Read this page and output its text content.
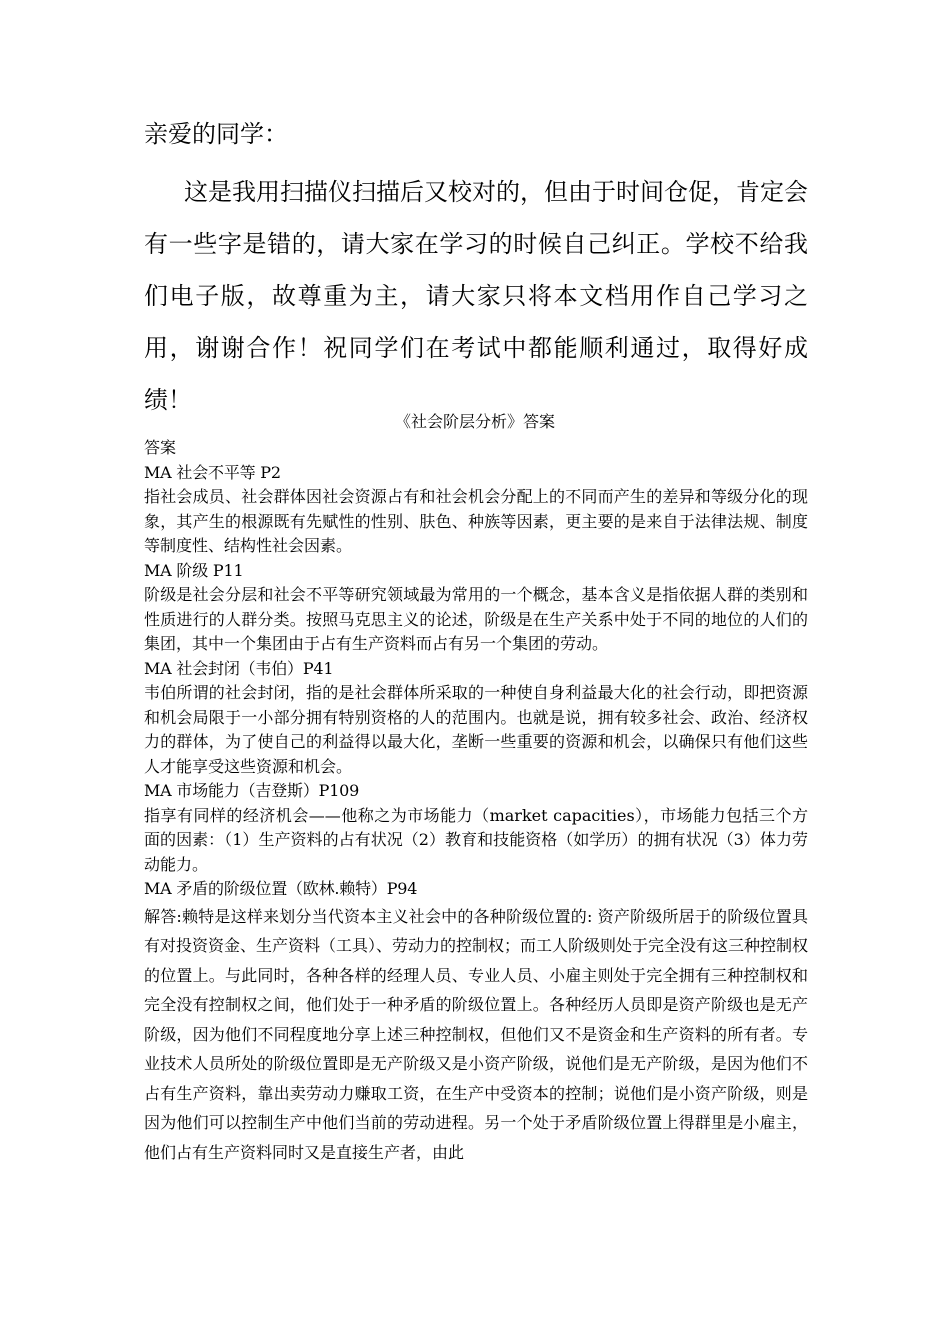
亲爱的同学：
这是我用扫描仪扫描后又校对的，但由于时间仓促，肯定会有一些字是错的，请大家在学习的时候自己纠正。学校不给我们电子版，故尊重为主，请大家只将本文档用作自己学习之用，谢谢合作！祝同学们在考试中都能顺利通过，取得好成绩！
《社会阶层分析》答案

答案

MA 社会不平等 P2

指社会成员、社会群体因社会资源占有和社会机会分配上的不同而产生的差异和等级分化的现象，其产生的根源既有先赋性的性别、肤色、种族等因素，更主要的是来自于法律法规、制度等制度性、结构性社会因素。

MA 阶级 P11

阶级是社会分层和社会不平等研究领域最为常用的一个概念，基本含义是指依据人群的类别和性质进行的人群分类。按照马克思主义的论述，阶级是在生产关系中处于不同的地位的人们的集团，其中一个集团由于占有生产资料而占有另一个集团的劳动。

MA 社会封闭（韦伯）P41

韦伯所谓的社会封闭，指的是社会群体所采取的一种使自身利益最大化的社会行动，即把资源和机会局限于一小部分拥有特别资格的人的范围内。也就是说，拥有较多社会、政治、经济权力的群体，为了使自己的利益得以最大化，垄断一些重要的资源和机会，以确保只有他们这些人才能享受这些资源和机会。

MA 市场能力（吉登斯）P109

指享有同样的经济机会——他称之为市场能力（market capacities），市场能力包括三个方面的因素：（1）生产资料的占有状况（2）教育和技能资格（如学历）的拥有状况（3）体力劳动能力。

MA 矛盾的阶级位置（欧林.赖特）P94

解答:赖特是这样来划分当代资本主义社会中的各种阶级位置的: 资产阶级所居于的阶级位置具有对投资资金、生产资料（工具）、劳动力的控制权；而工人阶级则处于完全没有这三种控制权的位置上。与此同时，各种各样的经理人员、专业人员、小雇主则处于完全拥有三种控制权和完全没有控制权之间，他们处于一种矛盾的阶级位置上。各种经历人员即是资产阶级也是无产阶级，因为他们不同程度地分享上述三种控制权，但他们又不是资金和生产资料的所有者。专业技术人员所处的阶级位置即是无产阶级又是小资产阶级，说他们是无产阶级，是因为他们不占有生产资料，靠出卖劳动力赚取工资，在生产中受资本的控制；说他们是小资产阶级，则是因为他们可以控制生产中他们当前的劳动进程。另一个处于矛盾阶级位置上得群里是小雇主，他们占有生产资料同时又是直接生产者，由此
